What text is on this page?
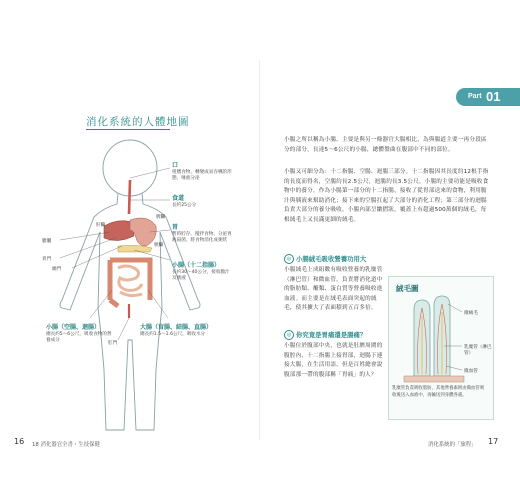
消化系統的人體地圖
口
咀嚼食物、轉變成易吞嚥的形態、唾液分泌
食道
長約25公分
胃
暫時貯存、攪拌食物、分泌胃液殺菌，將食物消化成粥狀
小腸（十二指腸）
長約30〜40公分，接收膽汁及胰液
小腸（空腸、迴腸）
總長約5〜6公尺，吸收食物的營養成分
大腸（盲腸、結腸、直腸）
總長約1.5〜1.6公尺，吸收水分
肝臟
膽囊
賁門
幽門
胰臟
脾臟
肛門
16 18 消化器官全書・生技保健
Part 01
小腸之所以稱為小腸，主要是與另一條器官大腸相比，為與腸道主要一再分段區分的部分，長達5〜6公尺的小腸，總體盤曲在腹部中不同的部位。
小腸又可細分為：十二指腸、空腸、迴腸三部分。十二指腸因其長度約12根手指的長度而得名，空腸約長2.5公尺，迴腸約長3.5公尺。小腸的主要功能是吸收食物中的養分，作為小腸第一部分的十二指腸，接收了從胃部送來的食物，利用膽汁與胰液來幫助消化；接下來的空腸扛起了大部分的消化工程；第三部分的迴腸負責大部分的養分吸收。小腸內部呈皺摺狀，覆蓋上有超過500萬個的絨毛，每根絨毛上又長滿更細的絨毛。
◎ 小腸絨毛吸收營養功用大
小腸絨毛上成組數有吸收營養的乳糜管（淋巴管）和微血管，負責將消化道中的脂肪類、醣類、蛋白質等營養吸收進血液。而主要是在絨毛表面突起的絨毛，使其擴大了表面積到五百多倍。
◎ 你究竟是胃痛還是腸痛？
小腸位於腹部中央，也就是肚臍周圍的腹腔內，十二指腸上接胃部，迴腸下連接大腸，在生活用語，但是百姓總會說腹部那一帶的腹部稱「胃痛」的人？
絨毛圖
微絨毛
乳糜管（淋巴管）
微血管
乳糜管負責吸收脂肪，其他營養素則由微血管吸收後送入血液中，再輸送到身體各處。
消化系統的「旅程」 17
